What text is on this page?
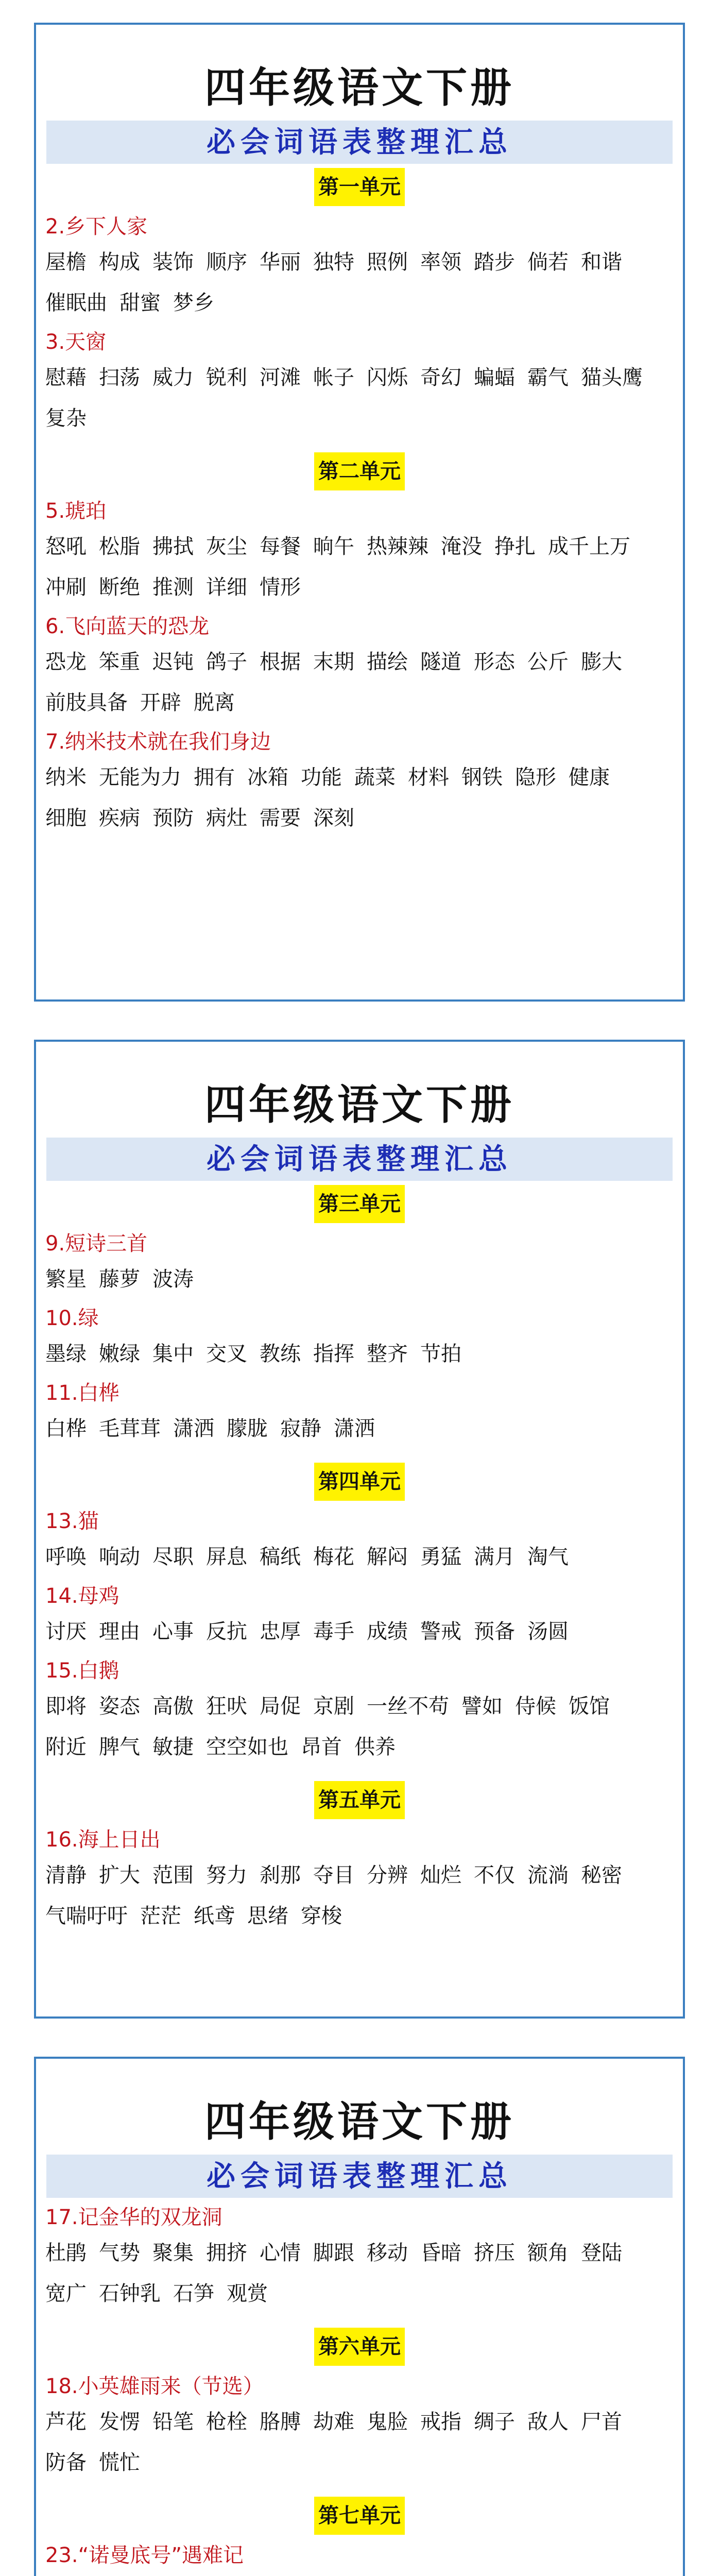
四年级语文下册
必会词语表整理汇总
第一单元
2.乡下人家
屋檐 构成 装饰 顺序 华丽 独特 照例 率领 踏步 倘若 和谐催眠曲 甜蜜 梦乡
3.天窗
慰藉 扫荡 威力 锐利 河滩 帐子 闪烁 奇幻 蝙蝠 霸气 猫头鹰复杂
第二单元
5.琥珀
怒吼 松脂 拂拭 灰尘 每餐 晌午 热辣辣 淹没 挣扎 成千上万冲刷 断绝 推测 详细 情形
6.飞向蓝天的恐龙
恐龙 笨重 迟钝 鸽子 根据 末期 描绘 隧道 形态 公斤 膨大前肢具备 开辟 脱离
7.纳米技术就在我们身边
纳米 无能为力 拥有 冰箱 功能 蔬菜 材料 钢铁 隐形 健康细胞 疾病 预防 病灶 需要 深刻
四年级语文下册
必会词语表整理汇总
第三单元
9.短诗三首
繁星 藤萝 波涛
10.绿
墨绿 嫩绿 集中 交叉 教练 指挥 整齐 节拍
11.白桦
白桦 毛茸茸 潇洒 朦胧 寂静 潇洒
第四单元
13.猫
呼唤 响动 尽职 屏息 稿纸 梅花 解闷 勇猛 满月 淘气
14.母鸡
讨厌 理由 心事 反抗 忠厚 毒手 成绩 警戒 预备 汤圆
15.白鹅
即将 姿态 高傲 狂吠 局促 京剧 一丝不苟 譬如 侍候 饭馆附近 脾气 敏捷 空空如也 昂首 供养
第五单元
16.海上日出
清静 扩大 范围 努力 刹那 夺目 分辨 灿烂 不仅 流淌 秘密气喘吁吁 茫茫 纸鸢 思绪 穿梭
四年级语文下册
必会词语表整理汇总
17.记金华的双龙洞
杜鹃 气势 聚集 拥挤 心情 脚跟 移动 昏暗 挤压 额角 登陆宽广 石钟乳 石笋 观赏
第六单元
18.小英雄雨来（节选）
芦花 发愣 铅笔 枪栓 胳膊 劫难 鬼脸 戒指 绸子 敌人 尸首防备 慌忙
第七单元
23.“诺曼底号”遇难记
